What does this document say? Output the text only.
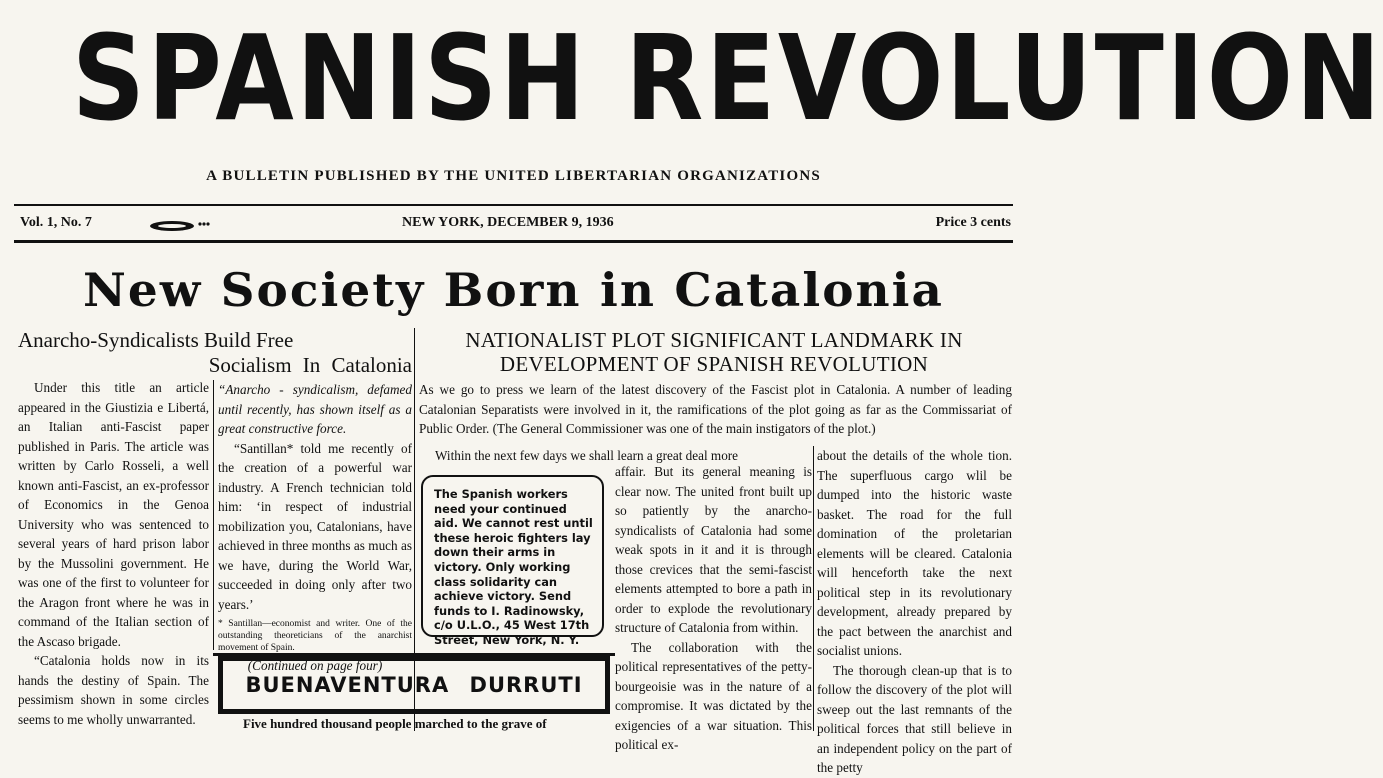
SPANISH REVOLUTION
A BULLETIN PUBLISHED BY THE UNITED LIBERTARIAN ORGANIZATIONS
Vol. 1, No. 7	NEW YORK, DECEMBER 9, 1936	Price 3 cents
New Society Born in Catalonia
Anarcho-Syndicalists Build Free
Socialism In Catalonia

Under this title an article appeared in the Giustizia e Libertá, an Italian anti-Fascist paper published in Paris. The article was written by Carlo Rosseli, a well known anti-Fascist, an ex-professor of Economics in the Genoa University who was sentenced to several years of hard prison labor by the Mussolini government. He was one of the first to volunteer for the Aragon front where he was in command of the Italian section of the Ascaso brigade.

“Catalonia holds now in its hands the destiny of Spain. The pessimism shown in some circles seems to me wholly unwarranted.

“Anarcho - syndicalism, defamed until recently, has shown itself as a great constructive force.

“Santillan* told me recently of the creation of a powerful war industry. A French technician told him: ‘in respect of industrial mobilization you, Catalonians, have achieved in three months as much as we have, during the World War, succeeded in doing only after two years.’

* Santillan—economist and writer. One of the outstanding theoreticians of the anarchist movement of Spain.

(Continued on page four)

NATIONALIST PLOT SIGNIFICANT LANDMARK IN
DEVELOPMENT OF SPANISH REVOLUTION

As we go to press we learn of the latest discovery of the Fascist plot in Catalonia. A number of leading Catalonian Separatists were involved in it, the ramifications of the plot going as far as the Commissariat of Public Order. (The General Commissioner was one of the main instigators of the plot.)

Within the next few days we shall learn a great deal more

affair. But its general meaning is clear now. The united front built up so patiently by the anarcho-syndicalists of Catalonia had some weak spots in it and it is through those crevices that the semi-fascist elements attempted to bore a path in order to explode the revolutionary structure of Catalonia from within.

The collaboration with the political representatives of the petty-bourgeoisie was in the nature of a compromise. It was dictated by the exigencies of a war situation. This political ex-

about the details of the whole tion. The superfluous cargo wlil be dumped into the historic waste basket. The road for the full domination of the proletarian elements will be cleared. Catalonia will henceforth take the next political step in its revolutionary development, already prepared by the pact between the anarchist and socialist unions.

The thorough clean-up that is to follow the discovery of the plot will sweep out the last remnants of the political forces that still believe in an independent policy on the part of the petty

The Spanish workers need your continued aid. We cannot rest until these heroic fighters lay down their arms in victory. Only working class solidarity can achieve victory. Send funds to I. Radinowsky, c/o U.L.O., 45 West 17th Street, New York, N. Y.
BUENAVENTURA DURRUTI
Five hundred thousand people marched to the grave of
